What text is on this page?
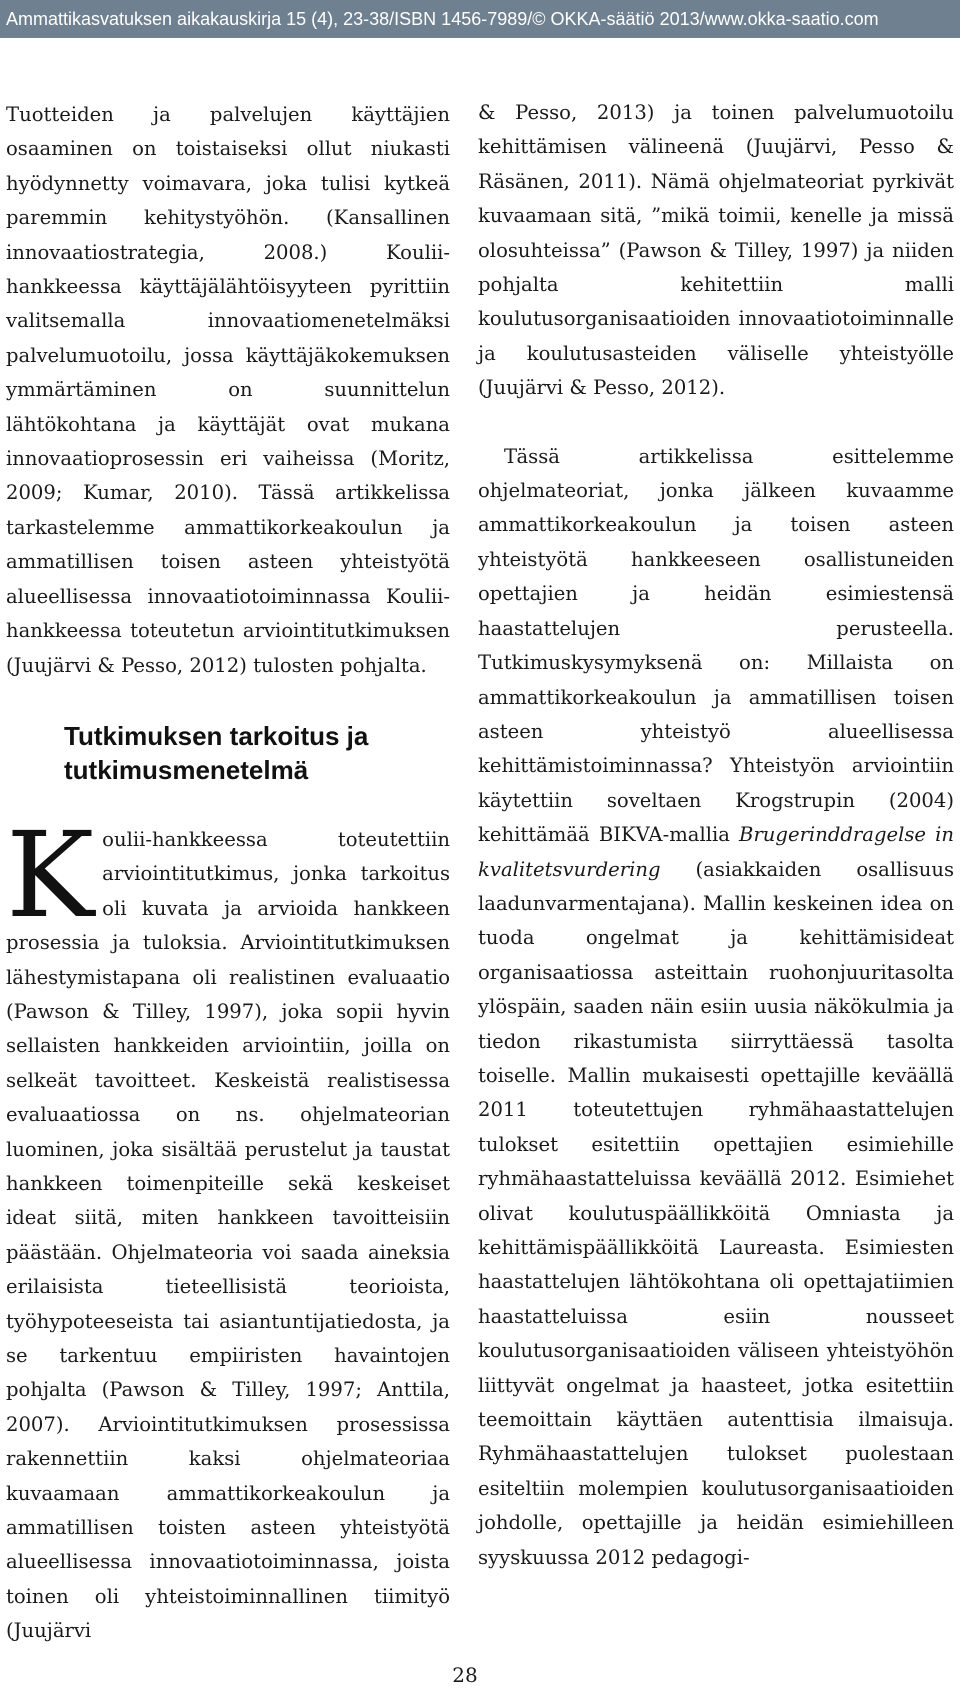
Ammattikasvatuksen aikakauskirja 15 (4), 23-38/ISBN 1456-7989/© OKKA-säätiö 2013/www.okka-saatio.com

Tuotteiden ja palvelujen käyttäjien osaaminen on toistaiseksi ollut niukasti hyödynnetty voimavara, joka tulisi kytkeä paremmin kehitystyöhön. (Kansallinen innovaatiostrategia, 2008.) Koulii-hankkeessa käyttäjälähtöisyyteen pyrittiin valitsemalla innovaatiomenetelmäksi palvelumuotoilu, jossa käyttäjäkokemuksen ymmärtäminen on suunnittelun lähtökohtana ja käyttäjät ovat mukana innovaatioprosessin eri vaiheissa (Moritz, 2009; Kumar, 2010). Tässä artikkelissa tarkastelemme ammattikorkeakoulun ja ammatillisen toisen asteen yhteistyötä alueellisessa innovaatiotoiminnassa Koulii-hankkeessa toteutetun arviointitutkimuksen (Juujärvi & Pesso, 2012) tulosten pohjalta.

Tutkimuksen tarkoitus ja tutkimusmenetelmä

Koulii-hankkeessa toteutettiin arviointitutkimus, jonka tarkoitus oli kuvata ja arvioida hankkeen prosessia ja tuloksia. Arviointitutkimuksen lähestymistapana oli realistinen evaluaatio (Pawson & Tilley, 1997), joka sopii hyvin sellaisten hankkeiden arviointiin, joilla on selkeät tavoitteet. Keskeistä realistisessa evaluaatiossa on ns. ohjelmateorian luominen, joka sisältää perustelut ja taustat hankkeen toimenpiteille sekä keskeiset ideat siitä, miten hankkeen tavoitteisiin päästään. Ohjelmateoria voi saada aineksia erilaisista tieteellisistä teorioista, työhypoteeseista tai asiantuntijatiedosta, ja se tarkentuu empiiristen havaintojen pohjalta (Pawson & Tilley, 1997; Anttila, 2007). Arviointitutkimuksen prosessissa rakennettiin kaksi ohjelmateoriaa kuvaamaan ammattikorkeakoulun ja ammatillisen toisten asteen yhteistyötä alueellisessa innovaatiotoiminnassa, joista toinen oli yhteistoiminnallinen tiimityö (Juujärvi

& Pesso, 2013) ja toinen palvelumuotoilu kehittämisen välineenä (Juujärvi, Pesso & Räsänen, 2011). Nämä ohjelmateoriat pyrkivät kuvaamaan sitä, ”mikä toimii, kenelle ja missä olosuhteissa” (Pawson & Tilley, 1997) ja niiden pohjalta kehitettiin malli koulutusorganisaatioiden innovaatiotoiminnalle ja koulutusasteiden väliselle yhteistyölle (Juujärvi & Pesso, 2012).

Tässä artikkelissa esittelemme ohjelmateoriat, jonka jälkeen kuvaamme ammattikorkeakoulun ja toisen asteen yhteistyötä hankkeeseen osallistuneiden opettajien ja heidän esimiestensä haastattelujen perusteella. Tutkimuskysymyksenä on: Millaista on ammattikorkeakoulun ja ammatillisen toisen asteen yhteistyö alueellisessa kehittämistoiminnassa? Yhteistyön arviointiin käytettiin soveltaen Krogstrupin (2004) kehittämää BIKVA-mallia Brugerinddragelse in kvalitetsvurdering (asiakkaiden osallisuus laadunvarmentajana). Mallin keskeinen idea on tuoda ongelmat ja kehittämisideat organisaatiossa asteittain ruohonjuuritasolta ylöspäin, saaden näin esiin uusia näkökulmia ja tiedon rikastumista siirryttäessä tasolta toiselle. Mallin mukaisesti opettajille keväällä 2011 toteutettujen ryhmähaastattelujen tulokset esitettiin opettajien esimiehille ryhmähaastatteluissa keväällä 2012. Esimiehet olivat koulutuspäällikköitä Omniasta ja kehittämispäällikköitä Laureasta. Esimiesten haastattelujen lähtökohtana oli opettajatiimien haastatteluissa esiin nousseet koulutusorganisaatioiden väliseen yhteistyöhön liittyvät ongelmat ja haasteet, jotka esitettiin teemoittain käyttäen autenttisia ilmaisuja. Ryhmähaastattelujen tulokset puolestaan esiteltiin molempien koulutusorganisaatioiden johdolle, opettajille ja heidän esimiehilleen syyskuussa 2012 pedagogi-

28
